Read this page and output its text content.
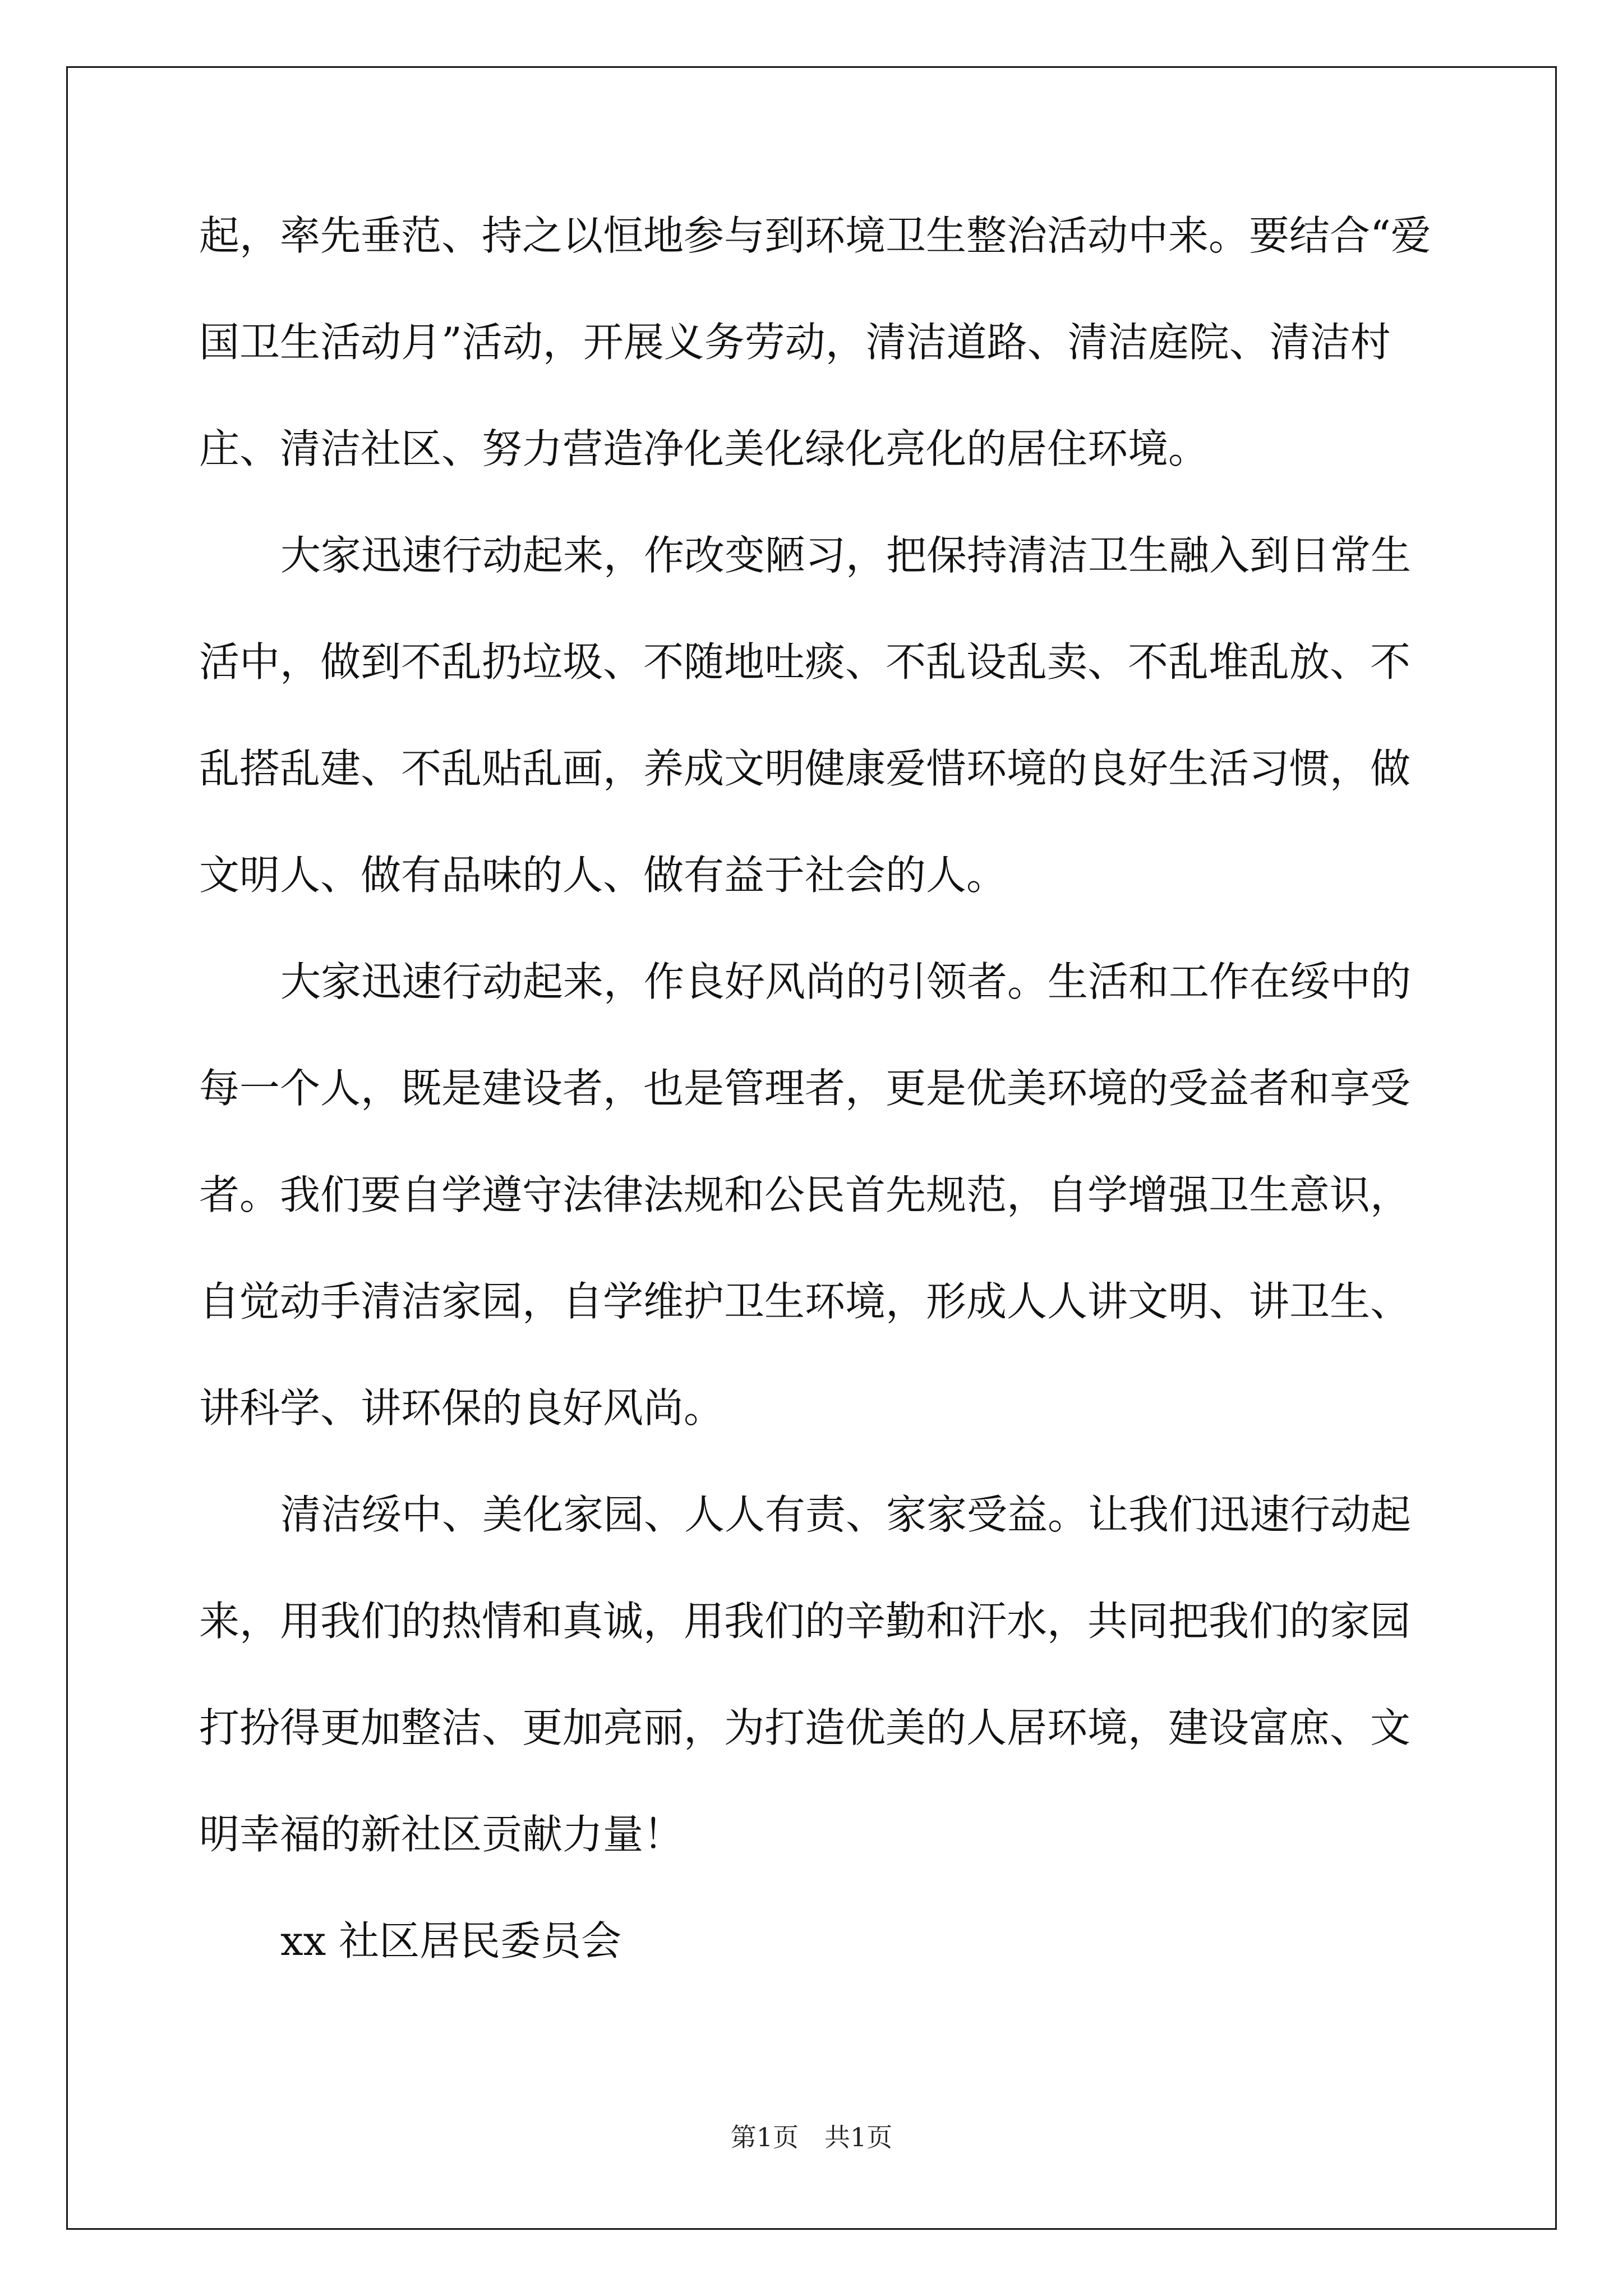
起，率先垂范、持之以恒地参与到环境卫生整治活动中来。要结合“爱
国卫生活动月”活动，开展义务劳动，清洁道路、清洁庭院、清洁村
庄、清洁社区、努力营造净化美化绿化亮化的居住环境。
大家迅速行动起来，作改变陋习，把保持清洁卫生融入到日常生
活中，做到不乱扔垃圾、不随地吐痰、不乱设乱卖、不乱堆乱放、不
乱搭乱建、不乱贴乱画，养成文明健康爱惜环境的良好生活习惯，做
文明人、做有品味的人、做有益于社会的人。
大家迅速行动起来，作良好风尚的引领者。生活和工作在绥中的
每一个人，既是建设者，也是管理者，更是优美环境的受益者和享受
者。我们要自学遵守法律法规和公民首先规范，自学增强卫生意识，
自觉动手清洁家园，自学维护卫生环境，形成人人讲文明、讲卫生、
讲科学、讲环保的良好风尚。
清洁绥中、美化家园、人人有责、家家受益。让我们迅速行动起
来，用我们的热情和真诚，用我们的辛勤和汗水，共同把我们的家园
打扮得更加整洁、更加亮丽，为打造优美的人居环境，建设富庶、文
明幸福的新社区贡献力量！
xx 社区居民委员会
第1页　共1页
